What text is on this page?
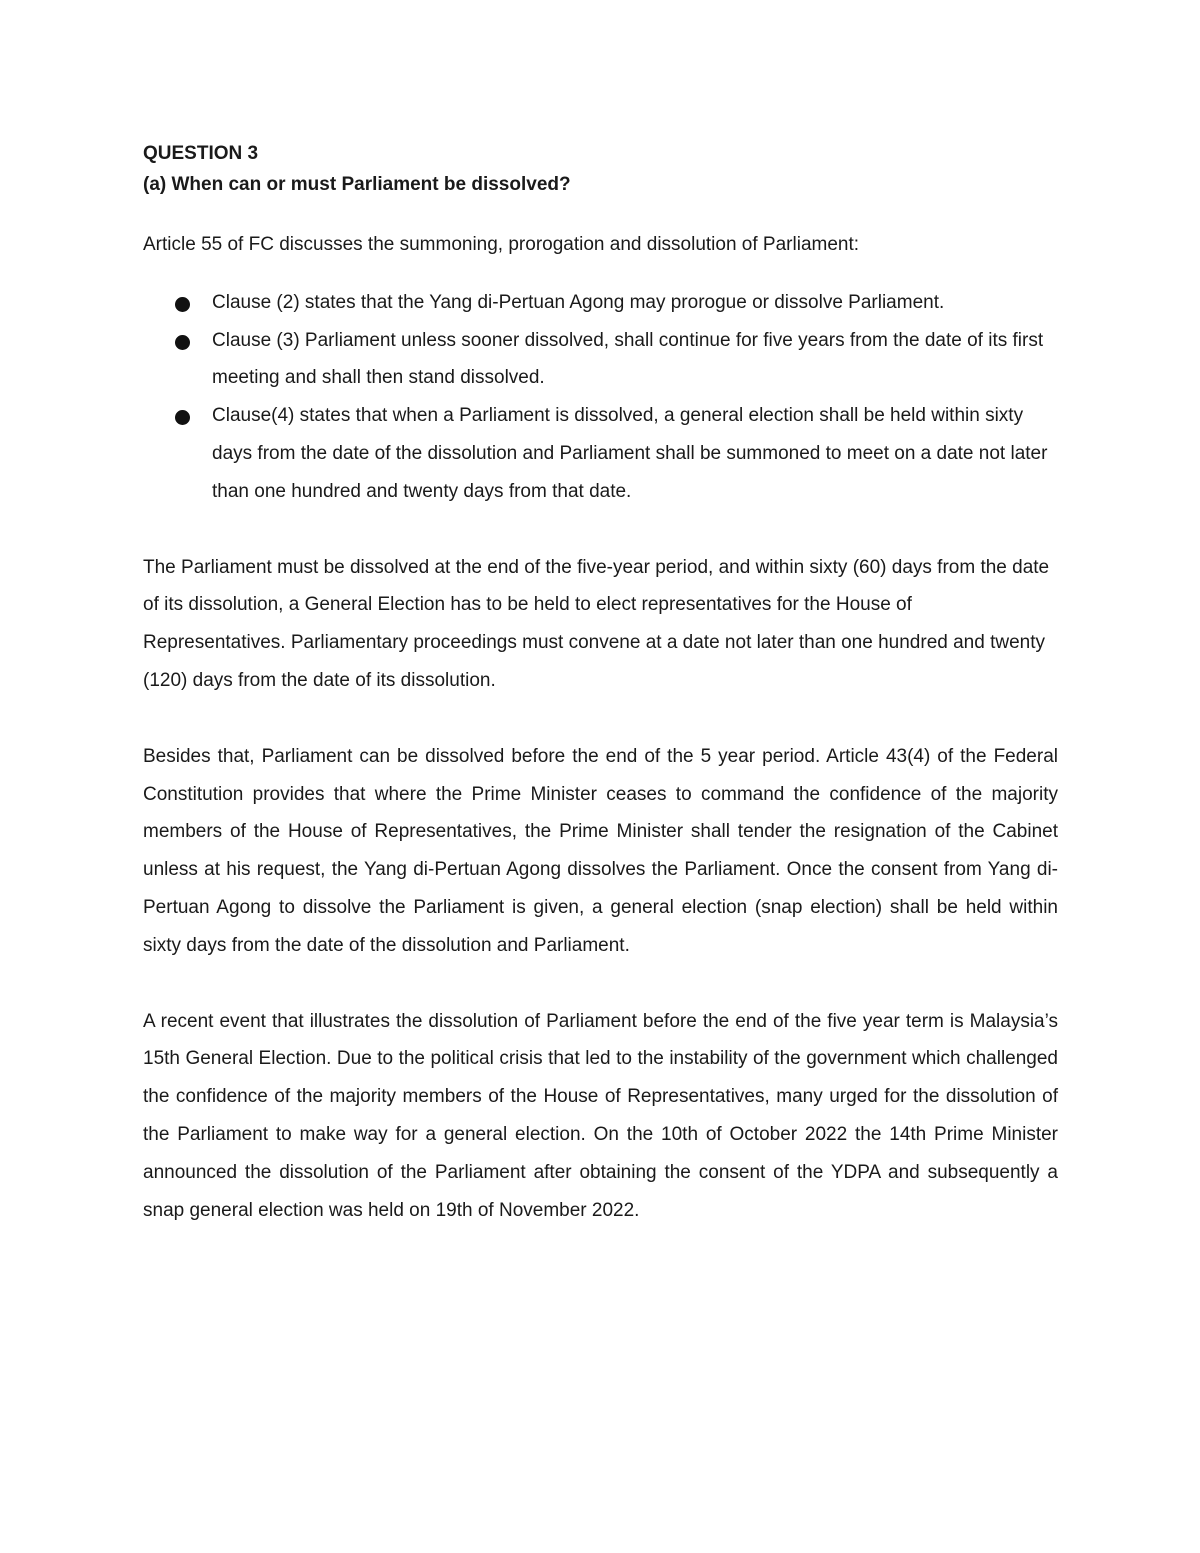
QUESTION 3

(a) When can or must Parliament be dissolved?

Article 55 of FC discusses the summoning, prorogation and dissolution of Parliament:

Clause (2) states that the Yang di-Pertuan Agong may prorogue or dissolve Parliament.
Clause (3) Parliament unless sooner dissolved, shall continue for five years from the date of its first meeting and shall then stand dissolved.
Clause(4) states that when a Parliament is dissolved, a general election shall be held within sixty days from the date of the dissolution and Parliament shall be summoned to meet on a date not later than one hundred and twenty days from that date.

The Parliament must be dissolved at the end of the five-year period, and within sixty (60) days from the date of its dissolution, a General Election has to be held to elect representatives for the House of Representatives. Parliamentary proceedings must convene at a date not later than one hundred and twenty (120) days from the date of its dissolution.

Besides that, Parliament can be dissolved before the end of the 5 year period. Article 43(4) of the Federal Constitution provides that where the Prime Minister ceases to command the confidence of the majority members of the House of Representatives, the Prime Minister shall tender the resignation of the Cabinet unless at his request, the Yang di-Pertuan Agong dissolves the Parliament. Once the consent from Yang di-Pertuan Agong to dissolve the Parliament is given, a general election (snap election) shall be held within sixty days from the date of the dissolution and Parliament.

A recent event that illustrates the dissolution of Parliament before the end of the five year term is Malaysia’s 15th General Election. Due to the political crisis that led to the instability of the government which challenged the confidence of the majority members of the House of Representatives, many urged for the dissolution of the Parliament to make way for a general election. On the 10th of October 2022 the 14th Prime Minister announced the dissolution of the Parliament after obtaining the consent of the YDPA and subsequently a snap general election was held on 19th of November 2022.
